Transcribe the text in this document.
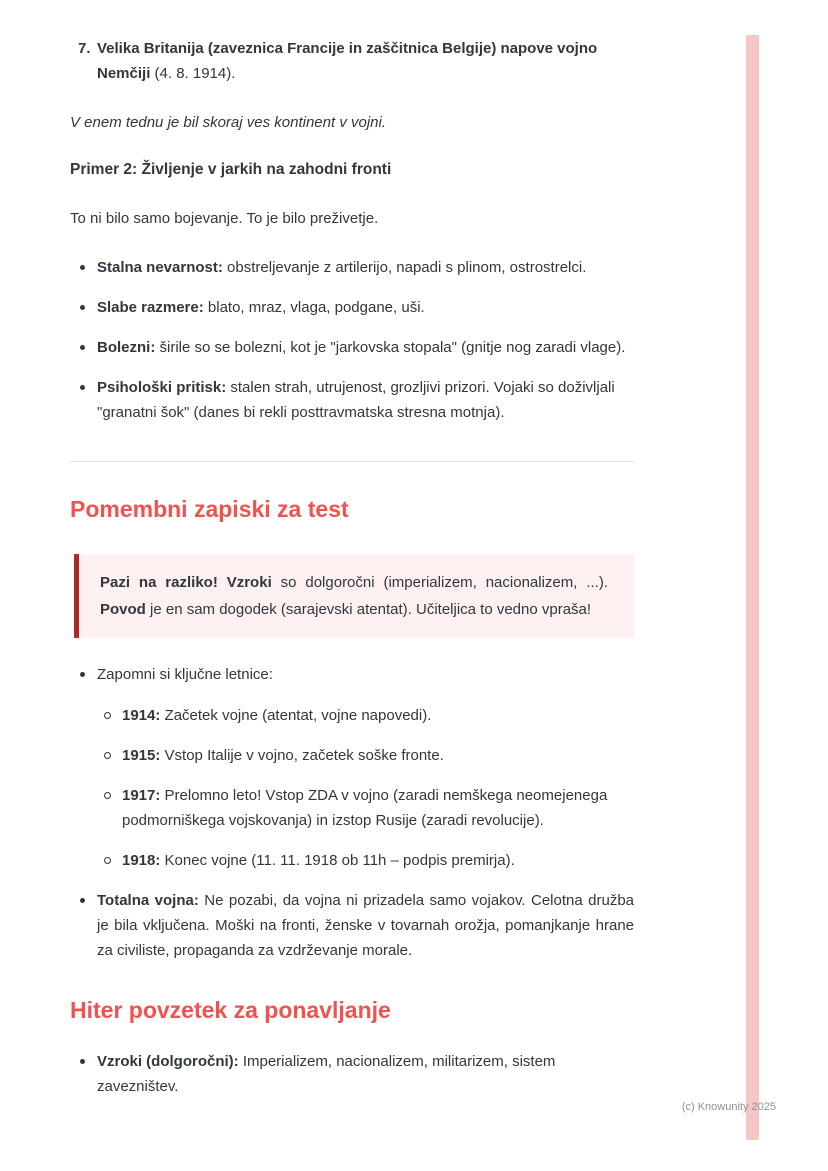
7. Velika Britanija (zaveznica Francije in zaščitnica Belgije) napove vojno Nemčiji (4. 8. 1914).

V enem tednu je bil skoraj ves kontinent v vojni.

Primer 2: Življenje v jarkih na zahodni fronti

To ni bilo samo bojevanje. To je bilo preživetje.

Stalna nevarnost: obstreljevanje z artilerijo, napadi s plinom, ostrostrelci.
Slabe razmere: blato, mraz, vlaga, podgane, uši.
Bolezni: širile so se bolezni, kot je "jarkovska stopala" (gnitje nog zaradi vlage).
Psihološki pritisk: stalen strah, utrujenost, grozljivi prizori. Vojaki so doživljali "granatni šok" (danes bi rekli posttravmatska stresna motnja).
Pomembni zapiski za test
Pazi na razliko! Vzroki so dolgoročni (imperializem, nacionalizem, ...). Povod je en sam dogodek (sarajevski atentat). Učiteljica to vedno vpraša!
Zapomni si ključne letnice:
1914: Začetek vojne (atentat, vojne napovedi).
1915: Vstop Italije v vojno, začetek soške fronte.
1917: Prelomno leto! Vstop ZDA v vojno (zaradi nemškega neomejenega podmorniškega vojskovanja) in izstop Rusije (zaradi revolucije).
1918: Konec vojne (11. 11. 1918 ob 11h – podpis premirja).
Totalna vojna: Ne pozabi, da vojna ni prizadela samo vojakov. Celotna družba je bila vključena. Moški na fronti, ženske v tovarnah orožja, pomanjkanje hrane za civiliste, propaganda za vzdrževanje morale.
Hiter povzetek za ponavljanje
Vzroki (dolgoročni): Imperializem, nacionalizem, militarizem, sistem zavezništev.
(c) Knowunity 2025
